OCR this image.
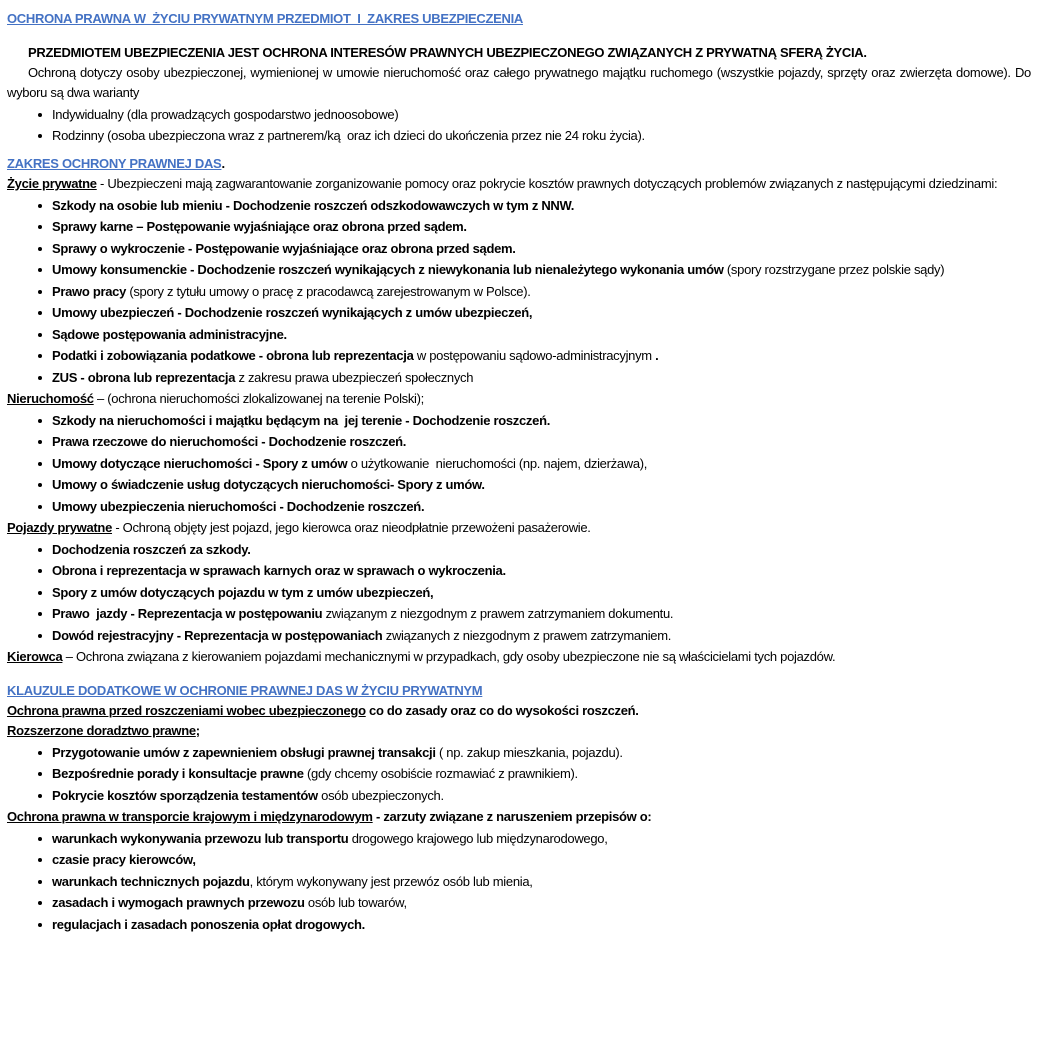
OCHRONA PRAWNA W  ŻYCIU PRYWATNYM PRZEDMIOT  I  ZAKRES UBEZPIECZENIA
PRZEDMIOTEM UBEZPIECZENIA JEST OCHRONA INTERESÓW PRAWNYCH UBEZPIECZONEGO ZWIĄZANYCH Z PRYWATNĄ SFERĄ ŻYCIA.
Ochroną dotyczy osoby ubezpieczonej, wymienionej w umowie nieruchomość oraz całego prywatnego majątku ruchomego (wszystkie pojazdy, sprzęty oraz zwierzęta domowe). Do wyboru są dwa warianty
Indywidualny (dla prowadzących gospodarstwo jednoosobowe)
Rodzinny (osoba ubezpieczona wraz z partnerem/ką  oraz ich dzieci do ukończenia przez nie 24 roku życia).
ZAKRES OCHRONY PRAWNEJ DAS.
Życie prywatne - Ubezpieczeni mają zagwarantowanie zorganizowanie pomocy oraz pokrycie kosztów prawnych dotyczących problemów związanych z następującymi dziedzinami:
Szkody na osobie lub mieniu - Dochodzenie roszczeń odszkodowawczych w tym z NNW.
Sprawy karne – Postępowanie wyjaśniające oraz obrona przed sądem.
Sprawy o wykroczenie - Postępowanie wyjaśniające oraz obrona przed sądem.
Umowy konsumenckie - Dochodzenie roszczeń wynikających z niewykonania lub nienależytego wykonania umów (spory rozstrzygane przez polskie sądy)
Prawo pracy (spory z tytułu umowy o pracę z pracodawcą zarejestrowanym w Polsce).
Umowy ubezpieczeń - Dochodzenie roszczeń wynikających z umów ubezpieczeń,
Sądowe postępowania administracyjne.
Podatki i zobowiązania podatkowe - obrona lub reprezentacja w postępowaniu sądowo-administracyjnym .
ZUS - obrona lub reprezentacja z zakresu prawa ubezpieczeń społecznych
Nieruchomość – (ochrona nieruchomości zlokalizowanej na terenie Polski);
Szkody na nieruchomości i majątku będącym na  jej terenie - Dochodzenie roszczeń.
Prawa rzeczowe do nieruchomości - Dochodzenie roszczeń.
Umowy dotyczące nieruchomości - Spory z umów o użytkowanie  nieruchomości (np. najem, dzierżawa),
Umowy o świadczenie usług dotyczących nieruchomości- Spory z umów.
Umowy ubezpieczenia nieruchomości - Dochodzenie roszczeń.
Pojazdy prywatne - Ochroną objęty jest pojazd, jego kierowca oraz nieodpłatnie przewożeni pasażerowie.
Dochodzenia roszczeń za szkody.
Obrona i reprezentacja w sprawach karnych oraz w sprawach o wykroczenia.
Spory z umów dotyczących pojazdu w tym z umów ubezpieczeń,
Prawo  jazdy - Reprezentacja w postępowaniu związanym z niezgodnym z prawem zatrzymaniem dokumentu.
Dowód rejestracyjny - Reprezentacja w postępowaniach związanych z niezgodnym z prawem zatrzymaniem.
Kierowca – Ochrona związana z kierowaniem pojazdami mechanicznymi w przypadkach, gdy osoby ubezpieczone nie są właścicielami tych pojazdów.
KLAUZULE DODATKOWE W OCHRONIE PRAWNEJ DAS W ŻYCIU PRYWATNYM
Ochrona prawna przed roszczeniami wobec ubezpieczonego co do zasady oraz co do wysokości roszczeń.
Rozszerzone doradztwo prawne;
Przygotowanie umów z zapewnieniem obsługi prawnej transakcji ( np. zakup mieszkania, pojazdu).
Bezpośrednie porady i konsultacje prawne (gdy chcemy osobiście rozmawiać z prawnikiem).
Pokrycie kosztów sporządzenia testamentów osób ubezpieczonych.
Ochrona prawna w transporcie krajowym i międzynarodowym - zarzuty związane z naruszeniem przepisów o:
warunkach wykonywania przewozu lub transportu drogowego krajowego lub międzynarodowego,
czasie pracy kierowców,
warunkach technicznych pojazdu, którym wykonywany jest przewóz osób lub mienia,
zasadach i wymogach prawnych przewozu osób lub towarów,
regulacjach i zasadach ponoszenia opłat drogowych.
